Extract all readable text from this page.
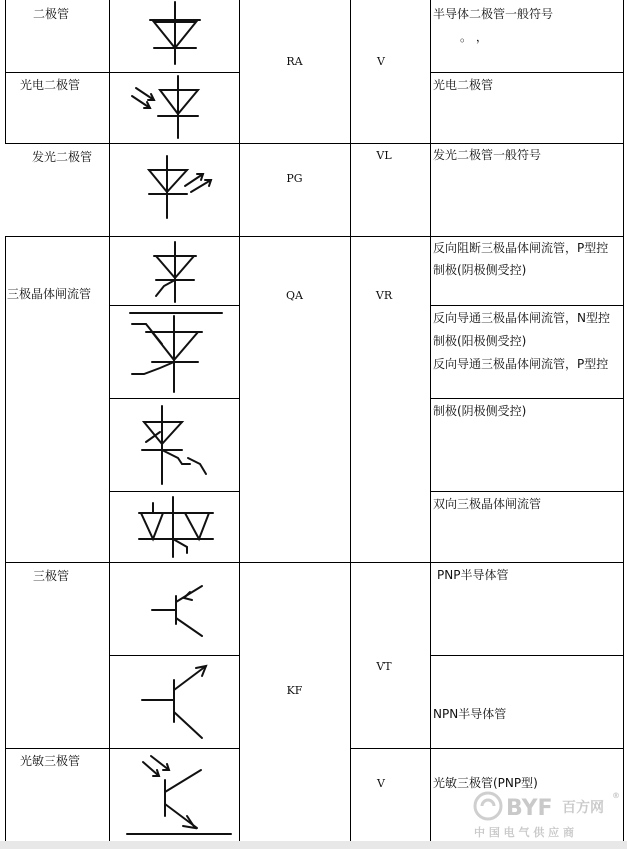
二极管
光电二极管
发光二极管
三极晶体闸流管
三极管
光敏三极管
RA
PG
QA
KF
V
VL
VR
VT
V
半导体二极管一般符号
。 ，
光电二极管
发光二极管一般符号
反向阻断三极晶体闸流管，P型控
制极(阴极侧受控)
反向导通三极晶体闸流管，N型控
制极(阳极侧受控)
反向导通三极晶体闸流管，P型控
制极(阴极侧受控)
双向三极晶体闸流管
PNP半导体管
NPN半导体管
光敏三极管(PNP型)
BYF 百方网
®
中 国 电 气 供 应 商
